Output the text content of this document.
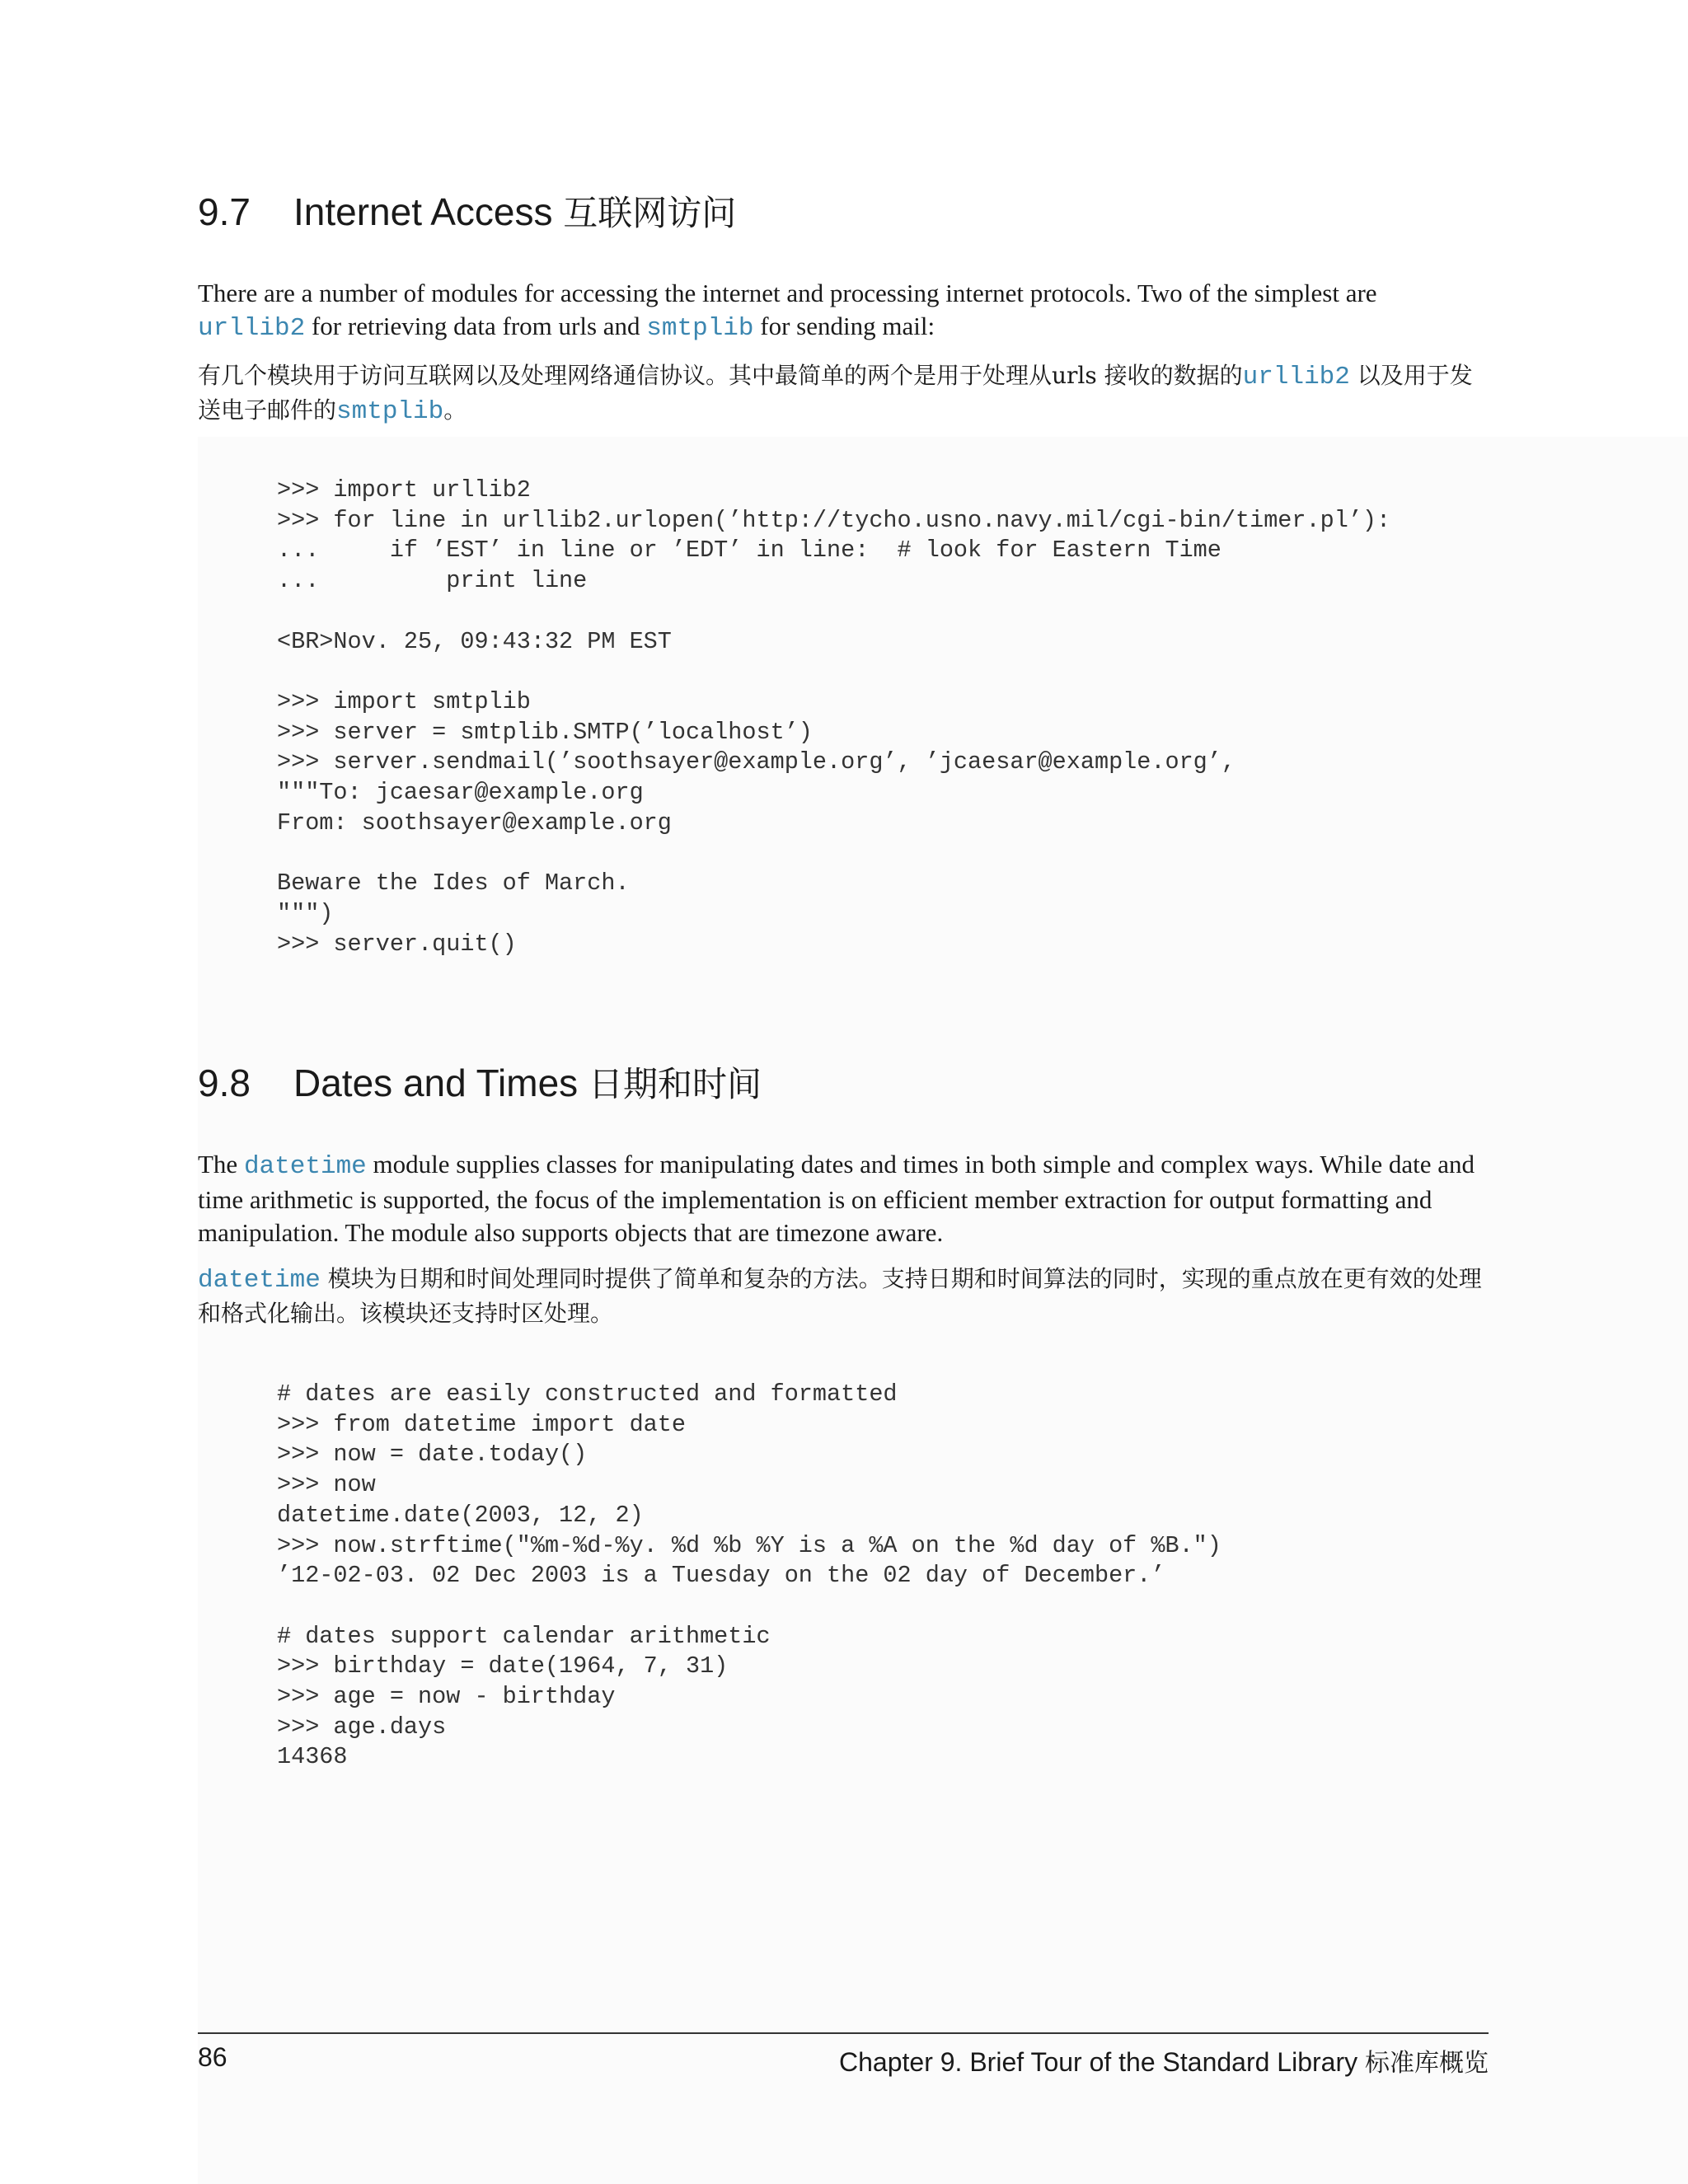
9.7 Internet Access 互联网访问

There are a number of modules for accessing the internet and processing internet protocols. Two of the simplest are urllib2 for retrieving data from urls and smtplib for sending mail:

有几个模块用于访问互联网以及处理网络通信协议。其中最简单的两个是用于处理从urls 接收的数据的urllib2 以及用于发送电子邮件的smtplib。

>>> import urllib2
>>> for line in urllib2.urlopen(’http://tycho.usno.navy.mil/cgi-bin/timer.pl’):
...     if ’EST’ in line or ’EDT’ in line:  # look for Eastern Time
...         print line

<BR>Nov. 25, 09:43:32 PM EST

>>> import smtplib
>>> server = smtplib.SMTP(’localhost’)
>>> server.sendmail(’soothsayer@example.org’, ’jcaesar@example.org’,
"""To: jcaesar@example.org
From: soothsayer@example.org

Beware the Ides of March.
""")
>>> server.quit()
9.8 Dates and Times 日期和时间

The datetime module supplies classes for manipulating dates and times in both simple and complex ways. While date and time arithmetic is supported, the focus of the implementation is on efficient member extraction for output formatting and manipulation. The module also supports objects that are timezone aware.

datetime 模块为日期和时间处理同时提供了简单和复杂的方法。支持日期和时间算法的同时，实现的重点放在更有效的处理和格式化输出。该模块还支持时区处理。

# dates are easily constructed and formatted
>>> from datetime import date
>>> now = date.today()
>>> now
datetime.date(2003, 12, 2)
>>> now.strftime("%m-%d-%y. %d %b %Y is a %A on the %d day of %B.")
’12-02-03. 02 Dec 2003 is a Tuesday on the 02 day of December.’

# dates support calendar arithmetic
>>> birthday = date(1964, 7, 31)
>>> age = now - birthday
>>> age.days
14368
86	Chapter 9. Brief Tour of the Standard Library 标准库概览
